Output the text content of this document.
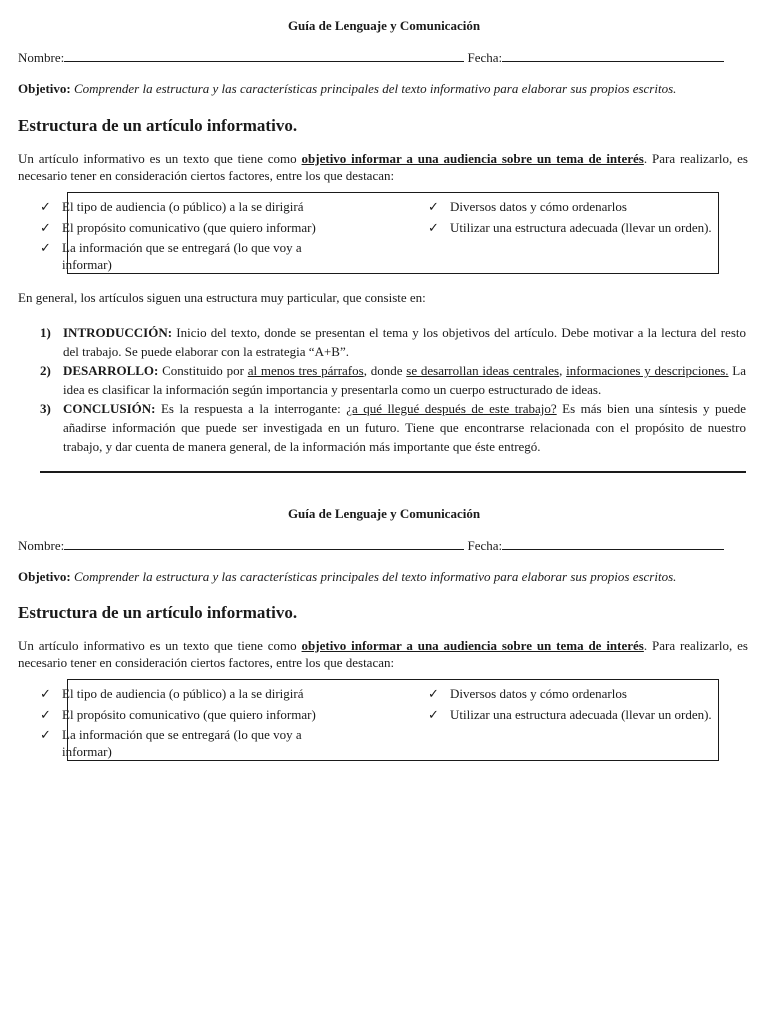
Guía de Lenguaje y Comunicación
Nombre:	Fecha:
Objetivo: Comprender la estructura y las características principales del texto informativo para elaborar sus propios escritos.
Estructura de un artículo informativo.
Un artículo informativo es un texto que tiene como objetivo informar a una audiencia sobre un tema de interés. Para realizarlo, es necesario tener en consideración ciertos factores, entre los que destacan:
✓ El tipo de audiencia (o público) a la se dirigirá
✓ El propósito comunicativo (que quiero informar)
✓ La información que se entregará (lo que voy a informar)
✓ Diversos datos y cómo ordenarlos
✓ Utilizar una estructura adecuada (llevar un orden).
En general, los artículos siguen una estructura muy particular, que consiste en:
1) INTRODUCCIÓN: Inicio del texto, donde se presentan el tema y los objetivos del artículo. Debe motivar a la lectura del resto del trabajo. Se puede elaborar con la estrategia “A+B”.
2) DESARROLLO: Constituido por al menos tres párrafos, donde se desarrollan ideas centrales, informaciones y descripciones. La idea es clasificar la información según importancia y presentarla como un cuerpo estructurado de ideas.
3) CONCLUSIÓN: Es la respuesta a la interrogante: ¿a qué llegué después de este trabajo? Es más bien una síntesis y puede añadirse información que puede ser investigada en un futuro. Tiene que encontrarse relacionada con el propósito de nuestro trabajo, y dar cuenta de manera general, de la información más importante que éste entregó.
Guía de Lenguaje y Comunicación
Nombre:	Fecha:
Objetivo: Comprender la estructura y las características principales del texto informativo para elaborar sus propios escritos.
Estructura de un artículo informativo.
Un artículo informativo es un texto que tiene como objetivo informar a una audiencia sobre un tema de interés. Para realizarlo, es necesario tener en consideración ciertos factores, entre los que destacan:
✓ El tipo de audiencia (o público) a la se dirigirá
✓ El propósito comunicativo (que quiero informar)
✓ La información que se entregará (lo que voy a informar)
✓ Diversos datos y cómo ordenarlos
✓ Utilizar una estructura adecuada (llevar un orden).
